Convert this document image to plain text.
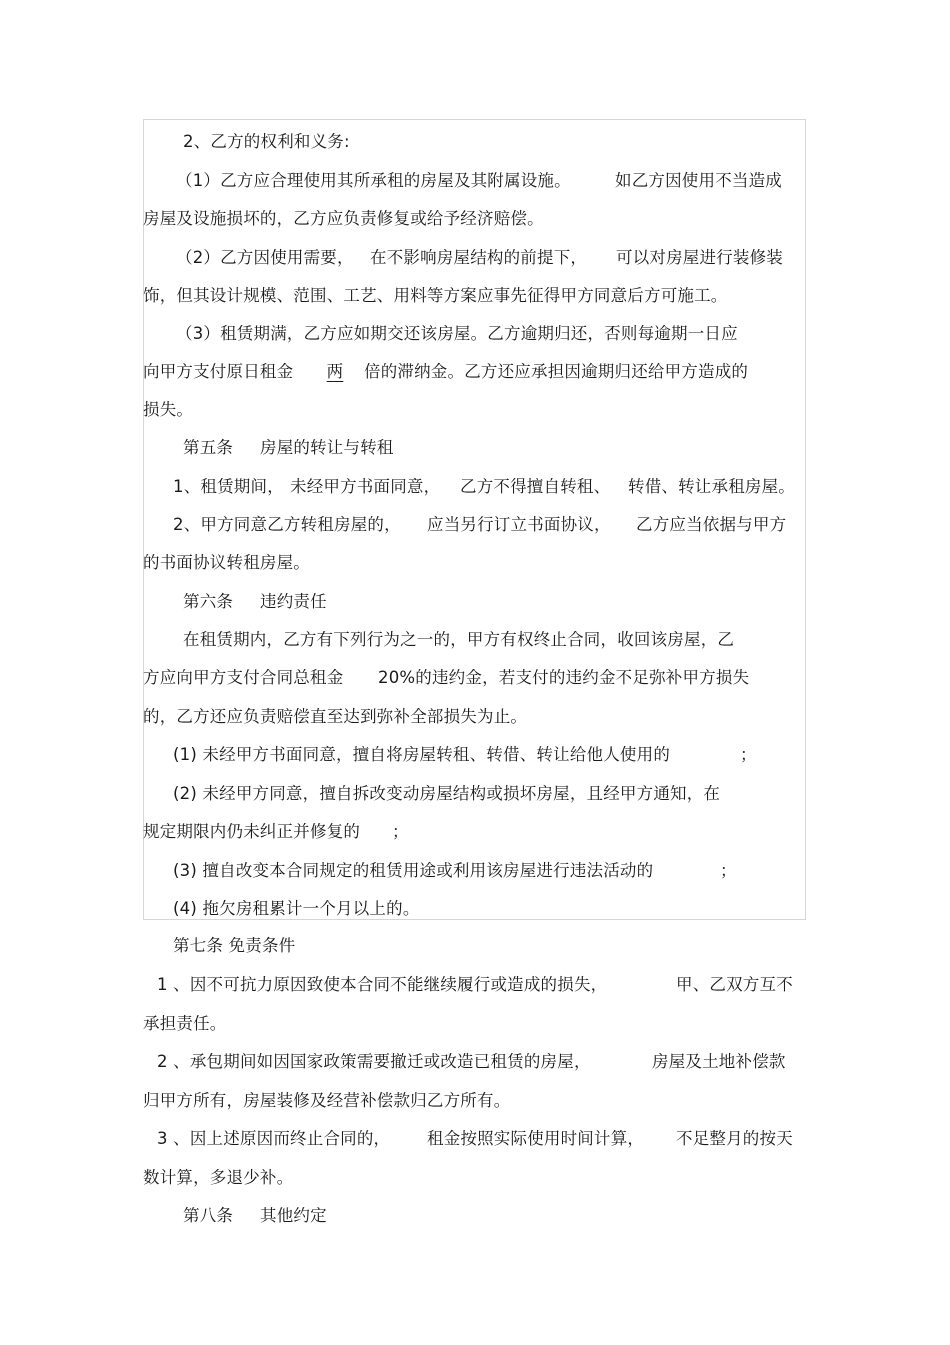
2、乙方的权利和义务:
（1）乙方应合理使用其所承租的房屋及其附属设施。	如乙方因使用不当造成
房屋及设施损坏的，乙方应负责修复或给予经济赔偿。
（2）乙方因使用需要， 在不影响房屋结构的前提下， 可以对房屋进行装修装
饰，但其设计规模、范围、工艺、用料等方案应事先征得甲方同意后方可施工。
（3）租赁期满，乙方应如期交还该房屋。乙方逾期归还，否则每逾期一日应
向甲方支付原日租金	两	倍的滞纳金。乙方还应承担因逾期归还给甲方造成的
损失。
第五条 房屋的转让与转租
1、租赁期间， 未经甲方书面同意， 乙方不得擅自转租、 转借、转让承租房屋。
2、甲方同意乙方转租房屋的， 应当另行订立书面协议， 乙方应当依据与甲方
的书面协议转租房屋。
第六条 违约责任
在租赁期内，乙方有下列行为之一的，甲方有权终止合同，收回该房屋，乙
方应向甲方支付合同总租金 20%的违约金，若支付的违约金不足弥补甲方损失
的，乙方还应负责赔偿直至达到弥补全部损失为止。
(1) 未经甲方书面同意，擅自将房屋转租、转借、转让给他人使用的	；
(2) 未经甲方同意，擅自拆改变动房屋结构或损坏房屋，且经甲方通知，在
规定期限内仍未纠正并修复的 ；
(3) 擅自改变本合同规定的租赁用途或利用该房屋进行违法活动的	；
(4) 拖欠房租累计一个月以上的。
第七条 免责条件
1 、因不可抗力原因致使本合同不能继续履行或造成的损失，	甲、乙双方互不
承担责任。
2 、承包期间如因国家政策需要撤迁或改造已租赁的房屋，	房屋及土地补偿款
归甲方所有，房屋装修及经营补偿款归乙方所有。
3 、因上述原因而终止合同的， 租金按照实际使用时间计算， 不足整月的按天
数计算，多退少补。
第八条 其他约定
